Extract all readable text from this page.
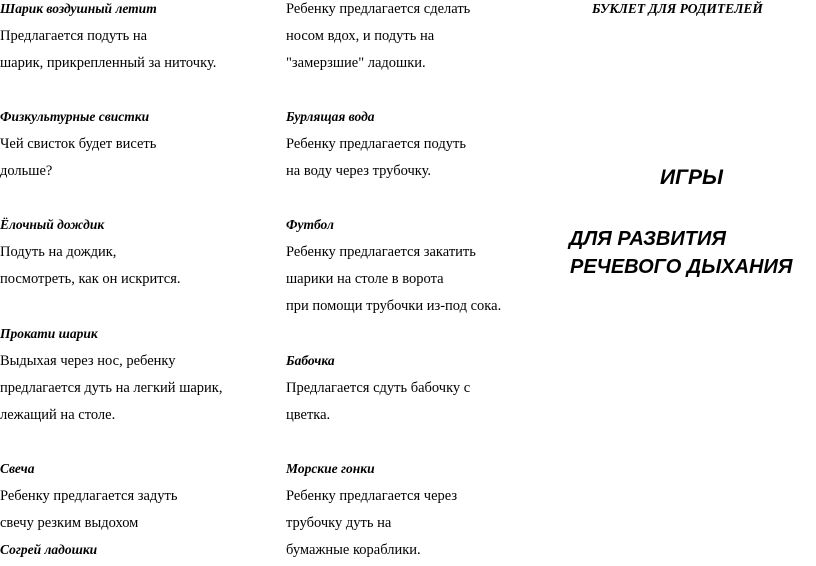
Шарик воздушный летит
Предлагается подуть на
шарик, прикрепленный за ниточку.
Физкультурные свистки
Чей свисток будет висеть
дольше?
Ёлочный дождик
Подуть на дождик,
посмотреть, как он искрится.
Прокати шарик
Выдыхая через нос, ребенку
предлагается дуть на легкий шарик,
лежащий на столе.
Свеча
Ребенку предлагается задуть
свечу резким выдохом
Согрей ладошки
Ребенку предлагается сделать
носом вдох, и подуть на
"замерзшие" ладошки.
Бурлящая вода
Ребенку предлагается подуть
на воду через трубочку.
Футбол
Ребенку предлагается закатить
шарики на столе в ворота
при помощи трубочки из-под сока.
Бабочка
Предлагается сдуть бабочку с
цветка.
Морские гонки
Ребенку предлагается через
трубочку дуть на
бумажные кораблики.
БУКЛЕТ ДЛЯ РОДИТЕЛЕЙ
ИГРЫ
ДЛЯ РАЗВИТИЯ
РЕЧЕВОГО ДЫХАНИЯ
